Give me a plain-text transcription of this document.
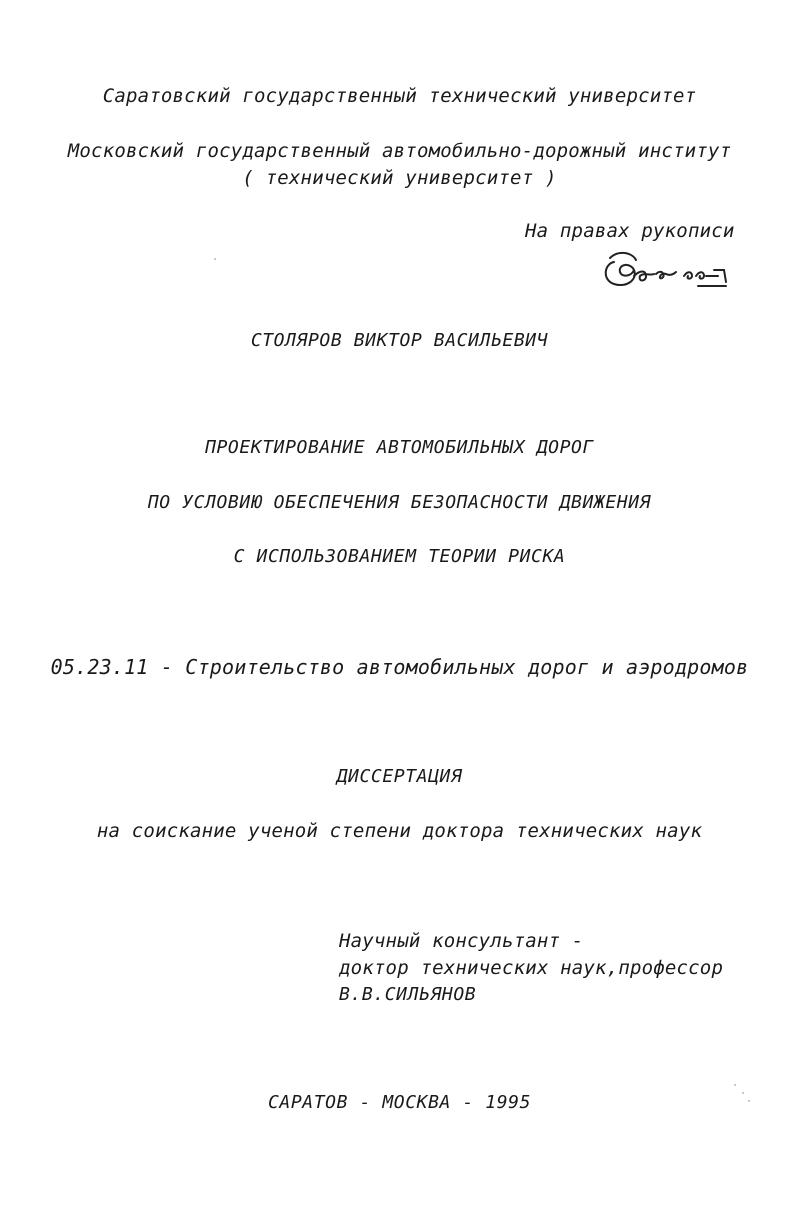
Саратовский государственный технический университет
Московский государственный автомобильно-дорожный институт
( технический университет )
На правах рукописи
СТОЛЯРОВ ВИКТОР ВАСИЛЬЕВИЧ
ПРОЕКТИРОВАНИЕ АВТОМОБИЛЬНЫХ ДОРОГ
ПО УСЛОВИЮ ОБЕСПЕЧЕНИЯ БЕЗОПАСНОСТИ ДВИЖЕНИЯ
С ИСПОЛЬЗОВАНИЕМ ТЕОРИИ РИСКА
05.23.11 - Строительство автомобильных дорог и аэродромов
ДИССЕРТАЦИЯ
на соискание ученой степени доктора технических наук
Научный консультант -
доктор технических наук,профессор
В.В.СИЛЬЯНОВ
САРАТОВ - МОСКВА - 1995
